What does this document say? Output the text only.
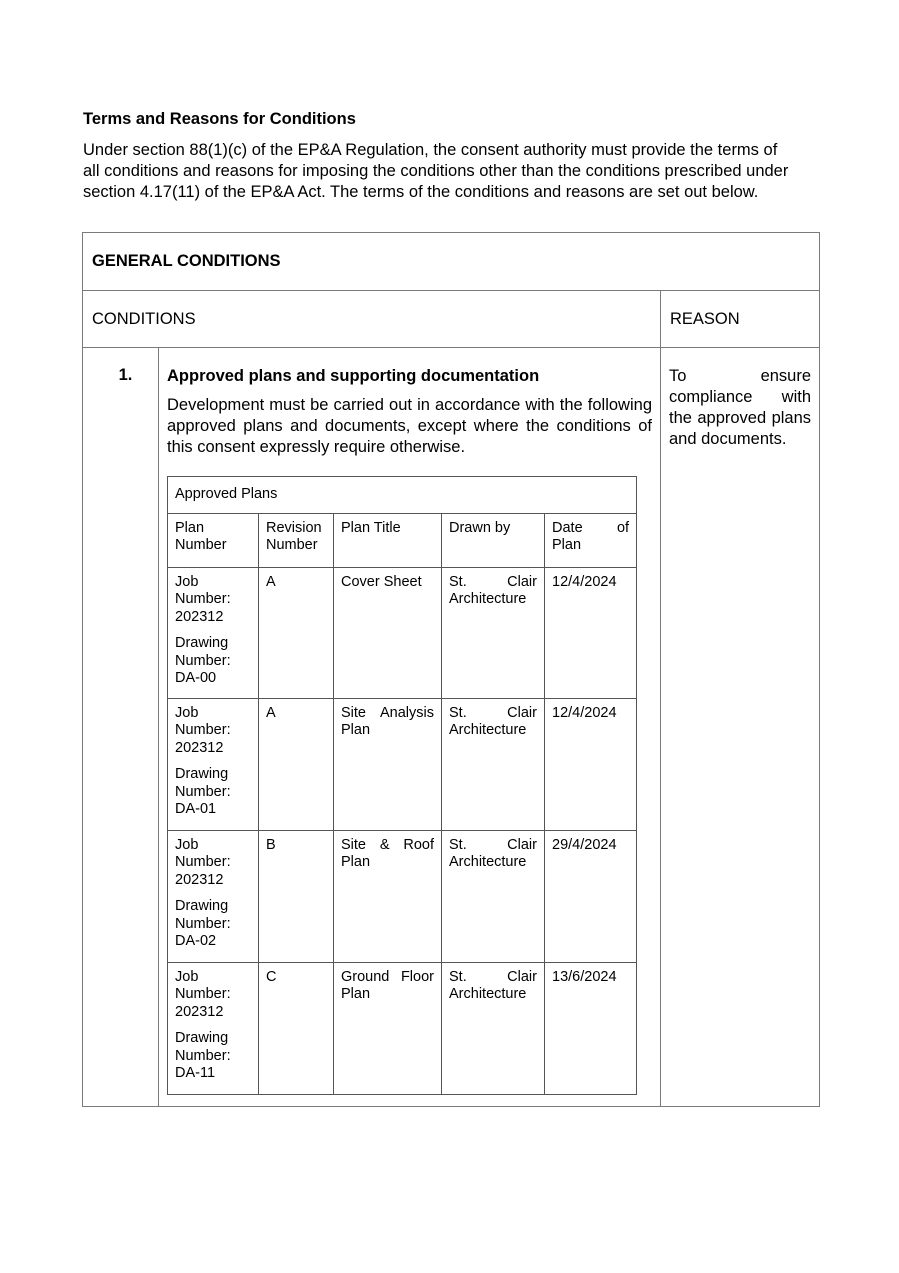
Terms and Reasons for Conditions

Under section 88(1)(c) of the EP&A Regulation, the consent authority must provide the terms of all conditions and reasons for imposing the conditions other than the conditions prescribed under section 4.17(11) of the EP&A Act. The terms of the conditions and reasons are set out below.

GENERAL CONDITIONS
CONDITIONS	REASON
1.	Approved plans and supporting documentation
Development must be carried out in accordance with the following approved plans and documents, except where the conditions of this consent expressly require otherwise.
Approved Plans
Plan Number	Revision Number	Plan Title	Drawn by	Date of Plan
Job Number: 202312
Drawing Number: DA-00	A	Cover Sheet	St. Clair Architecture	12/4/2024
Job Number: 202312
Drawing Number: DA-01	A	Site Analysis Plan	St. Clair Architecture	12/4/2024
Job Number: 202312
Drawing Number: DA-02	B	Site & Roof Plan	St. Clair Architecture	29/4/2024
Job Number: 202312
Drawing Number: DA-11	C	Ground Floor Plan	St. Clair Architecture	13/6/2024
	To ensure compliance with the approved plans and documents.
